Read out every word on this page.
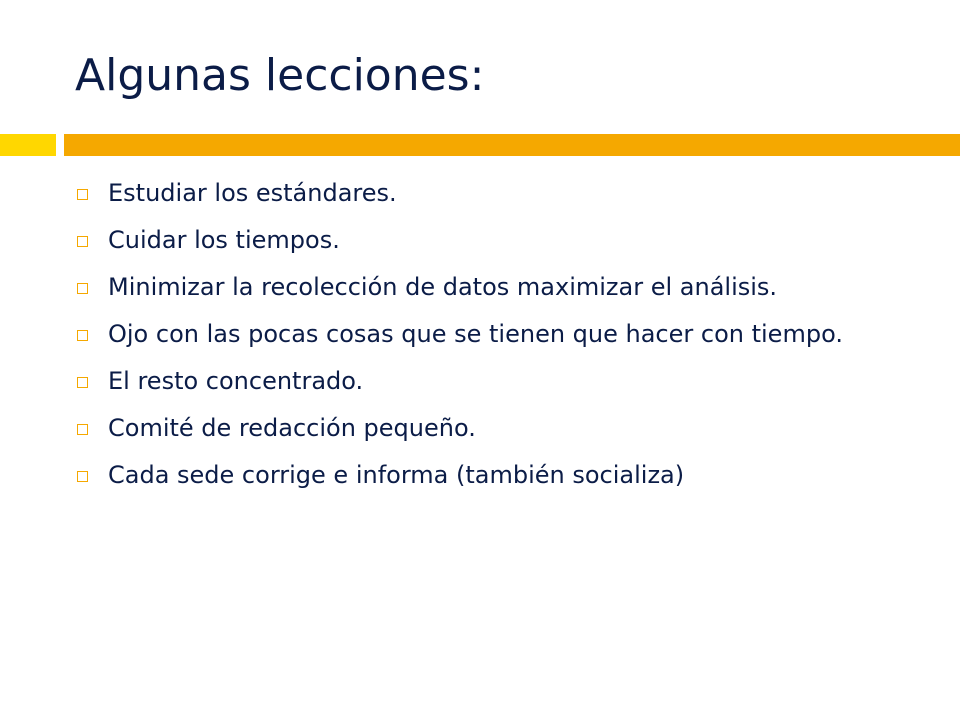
Algunas lecciones:
Estudiar los estándares.
Cuidar los tiempos.
Minimizar la recolección de datos maximizar el análisis.
Ojo con las pocas cosas que se tienen que hacer con tiempo.
El resto concentrado.
Comité de redacción pequeño.
Cada sede corrige e informa (también socializa)
